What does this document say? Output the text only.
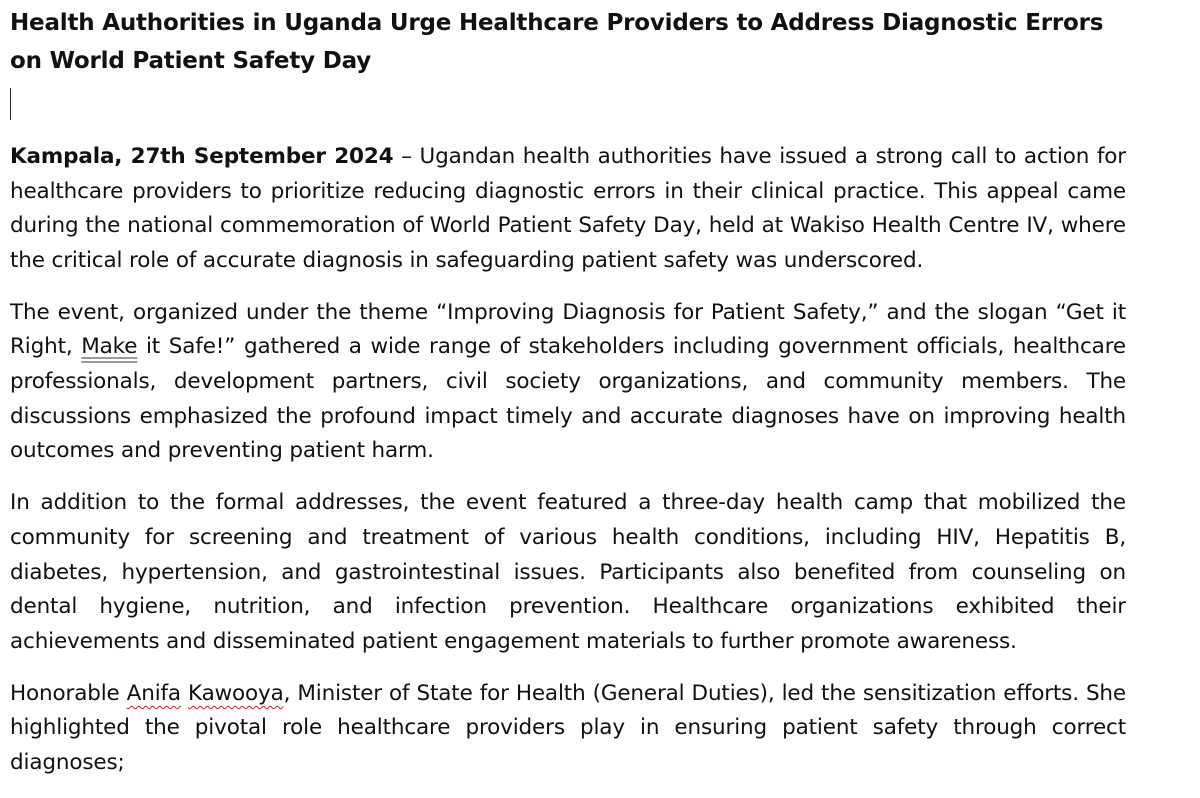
Health Authorities in Uganda Urge Healthcare Providers to Address Diagnostic Errors on World Patient Safety Day

Kampala, 27th September 2024 – Ugandan health authorities have issued a strong call to action for healthcare providers to prioritize reducing diagnostic errors in their clinical practice. This appeal came during the national commemoration of World Patient Safety Day, held at Wakiso Health Centre IV, where the critical role of accurate diagnosis in safeguarding patient safety was underscored.

The event, organized under the theme “Improving Diagnosis for Patient Safety,” and the slogan “Get it Right, Make it Safe!” gathered a wide range of stakeholders including government officials, healthcare professionals, development partners, civil society organizations, and community members. The discussions emphasized the profound impact timely and accurate diagnoses have on improving health outcomes and preventing patient harm.

In addition to the formal addresses, the event featured a three-day health camp that mobilized the community for screening and treatment of various health conditions, including HIV, Hepatitis B, diabetes, hypertension, and gastrointestinal issues. Participants also benefited from counseling on dental hygiene, nutrition, and infection prevention. Healthcare organizations exhibited their achievements and disseminated patient engagement materials to further promote awareness.

Honorable Anifa Kawooya, Minister of State for Health (General Duties), led the sensitization efforts. She highlighted the pivotal role healthcare providers play in ensuring patient safety through correct diagnoses;
